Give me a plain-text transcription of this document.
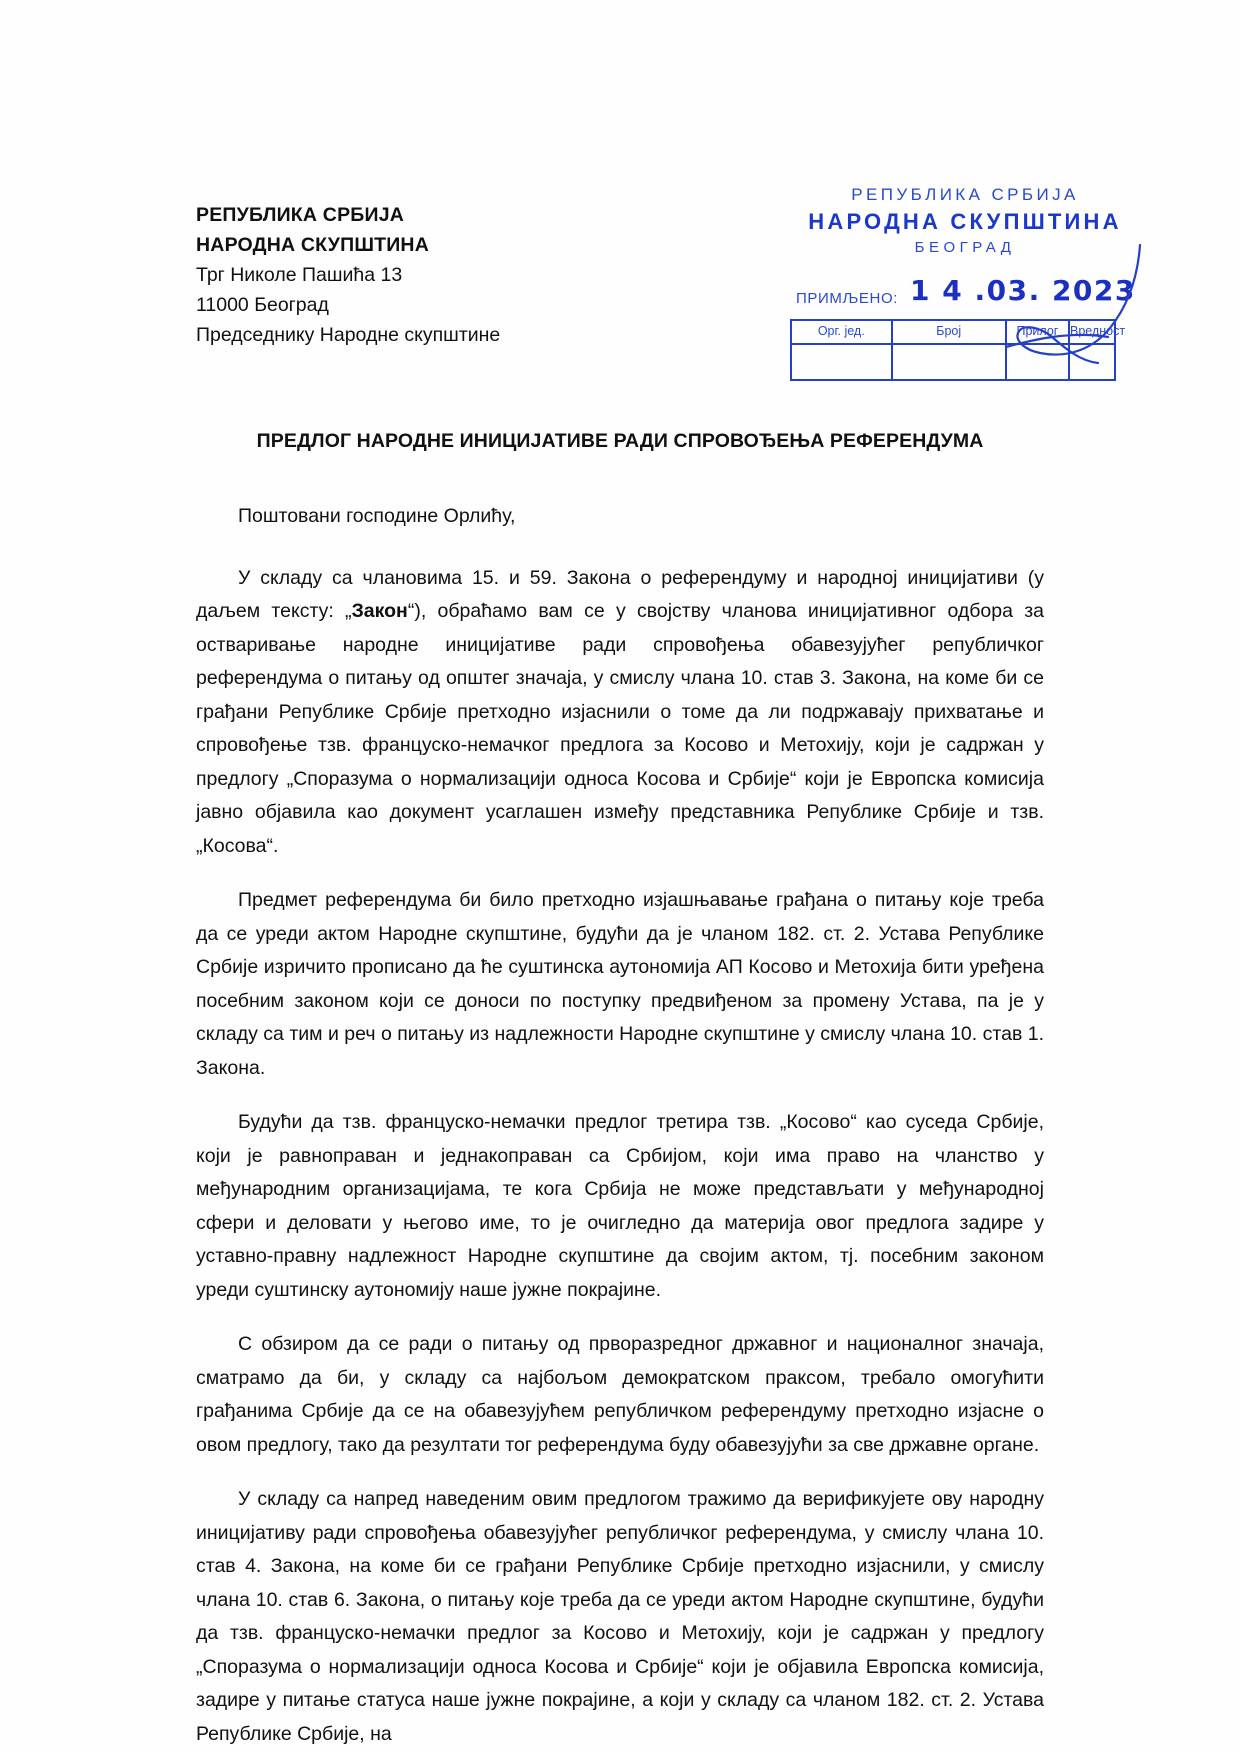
РЕПУБЛИКА СРБИЈА
НАРОДНА СКУПШТИНА
Трг Николе Пашића 13
11000 Београд
Председнику Народне скупштине
РЕПУБЛИКА СРБИЈА
НАРОДНА СКУПШТИНА
БЕОГРАД
ПРИМЉЕНО: 1 4 .03. 2023
Орг. јед.	Број	Прилог Вредност
ПРЕДЛОГ НАРОДНЕ ИНИЦИЈАТИВЕ РАДИ СПРОВОЂЕЊА РЕФЕРЕНДУМА
Поштовани господине Орлићу,
У складу са члановима 15. и 59. Закона о референдуму и народној иницијативи (у даљем тексту: „Закон“), обраћамо вам се у својству чланова иницијативног одбора за остваривање народне иницијативе ради спровођења обавезујућег републичког референдума о питању од општег значаја, у смислу члана 10. став 3. Закона, на коме би се грађани Републике Србије претходно изјаснили о томе да ли подржавају прихватање и спровођење тзв. француско-немачког предлога за Косово и Метохију, који је садржан у предлогу „Споразума о нормализацији односа Косова и Србије“ који је Европска комисија јавно објавила као документ усаглашен између представника Републике Србије и тзв. „Косова“.
Предмет референдума би било претходно изјашњавање грађана о питању које треба да се уреди актом Народне скупштине, будући да је чланом 182. ст. 2. Устава Републике Србије изричито прописано да ће суштинска аутономија АП Косово и Метохија бити уређена посебним законом који се доноси по поступку предвиђеном за промену Устава, па је у складу са тим и реч о питању из надлежности Народне скупштине у смислу члана 10. став 1. Закона.
Будући да тзв. француско-немачки предлог третира тзв. „Косово“ као суседа Србије, који је равноправан и једнакоправан са Србијом, који има право на чланство у међународним организацијама, те кога Србија не може представљати у међународној сфери и деловати у његово име, то је очигледно да материја овог предлога задире у уставно-правну надлежност Народне скупштине да својим актом, тј. посебним законом уреди суштинску аутономију наше јужне покрајине.
С обзиром да се ради о питању од прворазредног државног и националног значаја, сматрамо да би, у складу са најбољом демократском праксом, требало омогућити грађанима Србије да се на обавезујућем републичком референдуму претходно изјасне о овом предлогу, тако да резултати тог референдума буду обавезујући за све државне органе.
У складу са напред наведеним овим предлогом тражимо да верификујете ову народну иницијативу ради спровођења обавезујућег републичког референдума, у смислу члана 10. став 4. Закона, на коме би се грађани Републике Србије претходно изјаснили, у смислу члана 10. став 6. Закона, о питању које треба да се уреди актом Народне скупштине, будући да тзв. француско-немачки предлог за Косово и Метохију, који је садржан у предлогу „Споразума о нормализацији односа Косова и Србије“ који је објавила Европска комисија, задире у питање статуса наше јужне покрајине, а који у складу са чланом 182. ст. 2. Устава Републике Србије, на
